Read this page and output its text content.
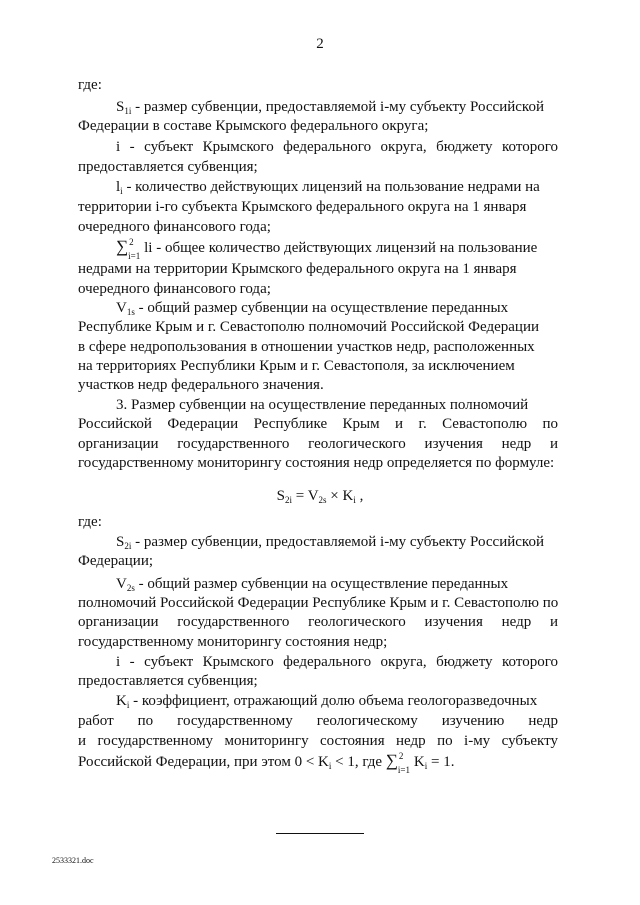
2
где:
$S_{1i}$ - размер субвенции, предоставляемой i-му субъекту Российской
Федерации в составе Крымского федерального округа;
i - субъект Крымского федерального округа, бюджету которого
предоставляется субвенция;
$l_i$ - количество действующих лицензий на пользование недрами на
территории i-го субъекта Крымского федерального округа на 1 января
очередного финансового года;
∑ 2
i=1 li - общее количество действующих лицензий на пользование
недрами на территории Крымского федерального округа на 1 января
очередного финансового года;
$V_{1s}$ - общий размер субвенции на осуществление переданных
Республике Крым и г. Севастополю полномочий Российской Федерации
в сфере недропользования в отношении участков недр, расположенных
на территориях Республики Крым и г. Севастополя, за исключением
участков недр федерального значения.
3. Размер субвенции на осуществление переданных полномочий
Российской Федерации Республике Крым и г. Севастополю по
организации государственного геологического изучения недр и
государственному мониторингу состояния недр определяется по формуле:
$S_{2i} = V_{2s} \times K_i$ ,
где:
$S_{2i}$ - размер субвенции, предоставляемой i-му субъекту Российской
Федерации;
$V_{2s}$ - общий размер субвенции на осуществление переданных
полномочий Российской Федерации Республике Крым и г. Севастополю по
организации государственного геологического изучения недр и
государственному мониторингу состояния недр;
i - субъект Крымского федерального округа, бюджету которого
предоставляется субвенция;
$K_i$ - коэффициент, отражающий долю объема геологоразведочных
работ по государственному геологическому изучению недр
и государственному мониторингу состояния недр по i-му субъекту
Российской Федерации, при этом $0 < K_i < 1$, где ∑ 2
i=1 $K_i = 1$.
2533321.doc
